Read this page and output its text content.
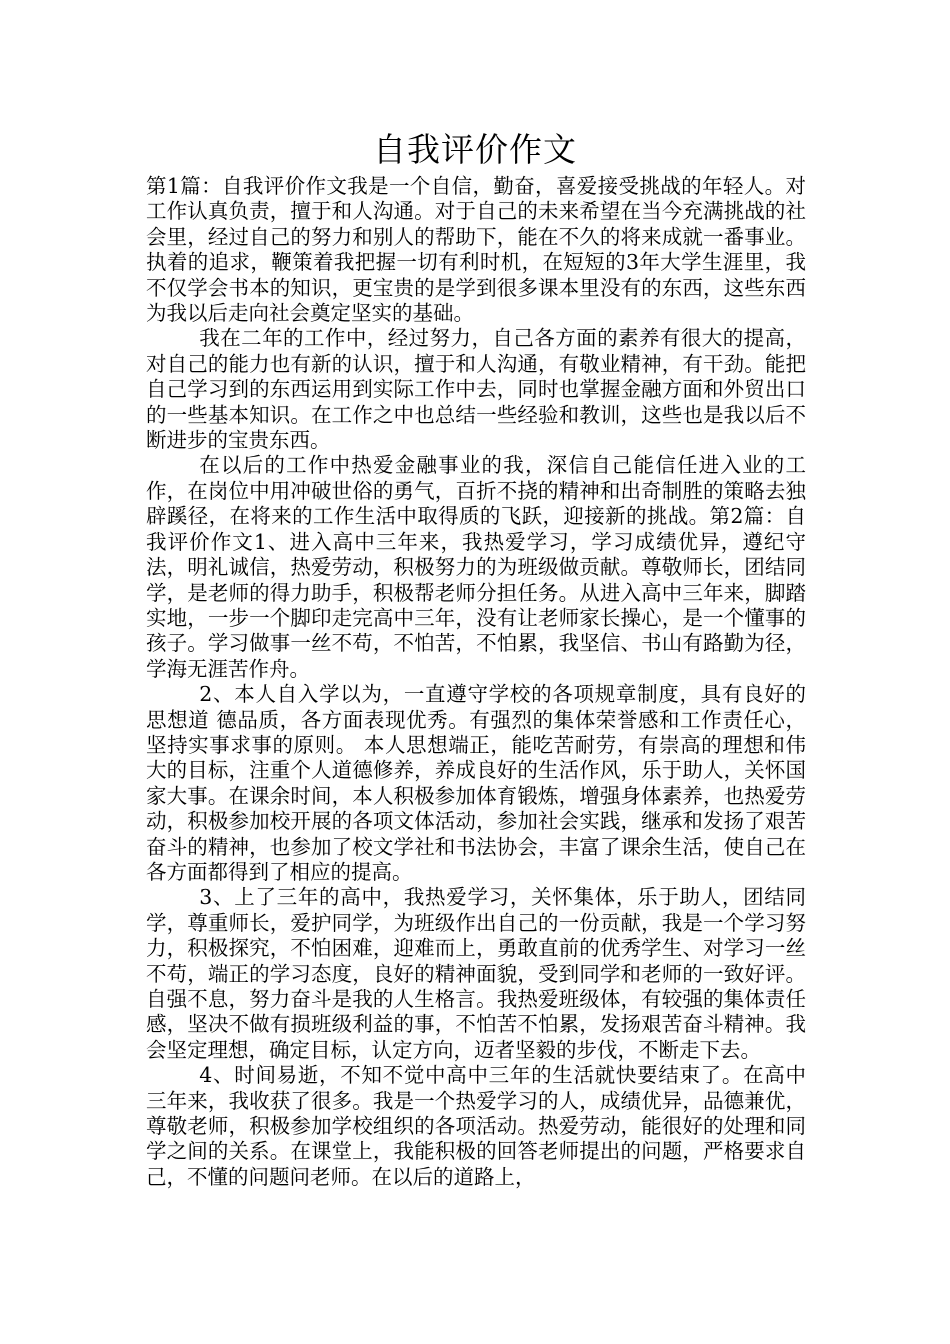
自我评价作文

第1篇：自我评价作文我是一个自信，勤奋，喜爱接受挑战的年轻人。对工作认真负责，擅于和人沟通。对于自己的未来希望在当今充满挑战的社会里，经过自己的努力和别人的帮助下，能在不久的将来成就一番事业。执着的追求，鞭策着我把握一切有利时机，在短短的3年大学生涯里，我不仅学会书本的知识，更宝贵的是学到很多课本里没有的东西，这些东西为我以后走向社会奠定坚实的基础。

我在二年的工作中，经过努力，自己各方面的素养有很大的提高，对自己的能力也有新的认识，擅于和人沟通，有敬业精神，有干劲。能把自己学习到的东西运用到实际工作中去，同时也掌握金融方面和外贸出口的一些基本知识。在工作之中也总结一些经验和教训，这些也是我以后不断进步的宝贵东西。

在以后的工作中热爱金融事业的我，深信自己能信任进入业的工作，在岗位中用冲破世俗的勇气，百折不挠的精神和出奇制胜的策略去独辟蹊径，在将来的工作生活中取得质的飞跃，迎接新的挑战。第2篇：自我评价作文1、进入高中三年来，我热爱学习，学习成绩优异，遵纪守法，明礼诚信，热爱劳动，积极努力的为班级做贡献。尊敬师长，团结同学，是老师的得力助手，积极帮老师分担任务。从进入高中三年来，脚踏实地，一步一个脚印走完高中三年，没有让老师家长操心，是一个懂事的孩子。学习做事一丝不苟，不怕苦，不怕累，我坚信、书山有路勤为径，学海无涯苦作舟。

2、本人自入学以为，一直遵守学校的各项规章制度，具有良好的思想道 德品质，各方面表现优秀。有强烈的集体荣誉感和工作责任心，坚持实事求事的原则。 本人思想端正，能吃苦耐劳，有崇高的理想和伟大的目标，注重个人道德修养，养成良好的生活作风，乐于助人，关怀国家大事。在课余时间，本人积极参加体育锻炼，增强身体素养，也热爱劳动，积极参加校开展的各项文体活动，参加社会实践，继承和发扬了艰苦奋斗的精神，也参加了校文学社和书法协会，丰富了课余生活，使自己在各方面都得到了相应的提高。

3、上了三年的高中，我热爱学习，关怀集体，乐于助人，团结同学，尊重师长，爱护同学，为班级作出自己的一份贡献，我是一个学习努力，积极探究，不怕困难，迎难而上，勇敢直前的优秀学生、对学习一丝不苟，端正的学习态度，良好的精神面貌，受到同学和老师的一致好评。自强不息，努力奋斗是我的人生格言。我热爱班级体，有较强的集体责任感，坚决不做有损班级利益的事，不怕苦不怕累，发扬艰苦奋斗精神。我会坚定理想，确定目标，认定方向，迈者坚毅的步伐，不断走下去。

4、时间易逝，不知不觉中高中三年的生活就快要结束了。在高中三年来，我收获了很多。我是一个热爱学习的人，成绩优异，品德兼优，尊敬老师，积极参加学校组织的各项活动。热爱劳动，能很好的处理和同学之间的关系。在课堂上，我能积极的回答老师提出的问题，严格要求自己，不懂的问题问老师。在以后的道路上，
